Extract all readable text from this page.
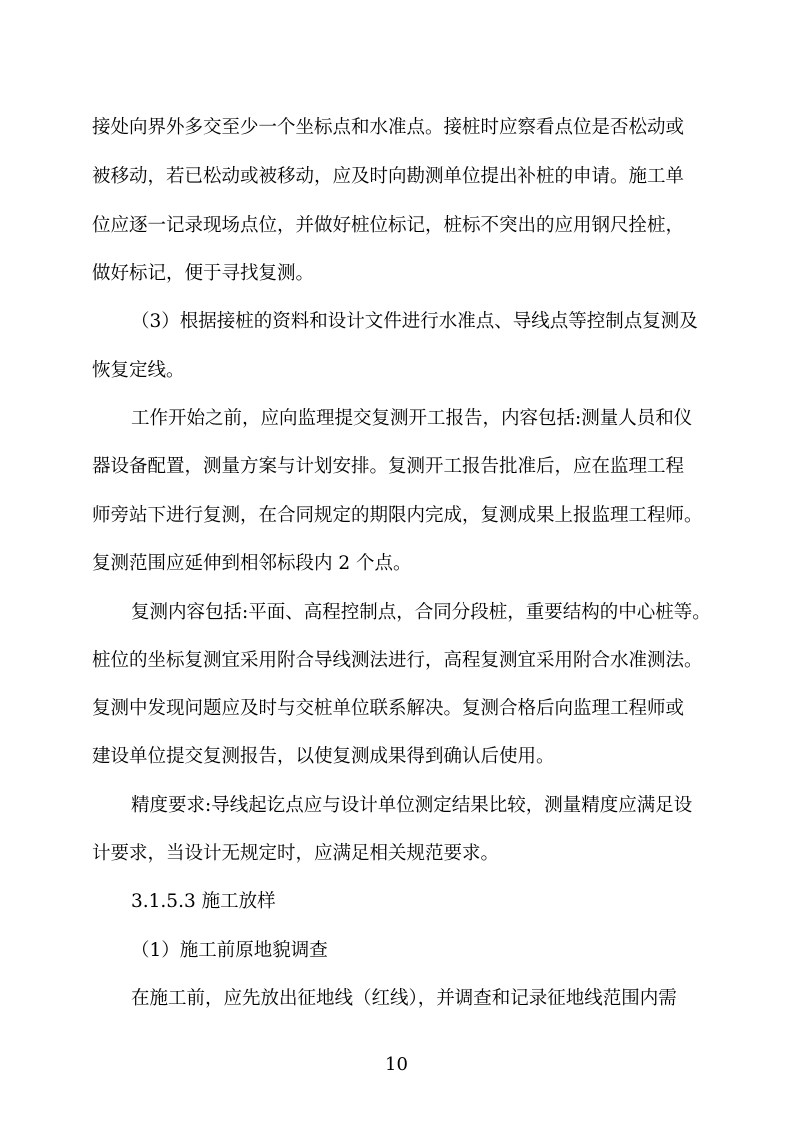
接处向界外多交至少一个坐标点和水准点。接桩时应察看点位是否松动或
被移动，若已松动或被移动，应及时向勘测单位提出补桩的申请。施工单
位应逐一记录现场点位，并做好桩位标记，桩标不突出的应用钢尺拴桩，
做好标记，便于寻找复测。
（3）根据接桩的资料和设计文件进行水准点、导线点等控制点复测及
恢复定线。
工作开始之前，应向监理提交复测开工报告，内容包括:测量人员和仪
器设备配置，测量方案与计划安排。复测开工报告批准后，应在监理工程
师旁站下进行复测，在合同规定的期限内完成，复测成果上报监理工程师。
复测范围应延伸到相邻标段内 2 个点。
复测内容包括:平面、高程控制点，合同分段桩，重要结构的中心桩等。
桩位的坐标复测宜采用附合导线测法进行，高程复测宜采用附合水准测法。
复测中发现问题应及时与交桩单位联系解决。复测合格后向监理工程师或
建设单位提交复测报告，以使复测成果得到确认后使用。
精度要求:导线起讫点应与设计单位测定结果比较，测量精度应满足设
计要求，当设计无规定时，应满足相关规范要求。
3.1.5.3 施工放样
（1）施工前原地貌调查
在施工前，应先放出征地线（红线），并调查和记录征地线范围内需
10
